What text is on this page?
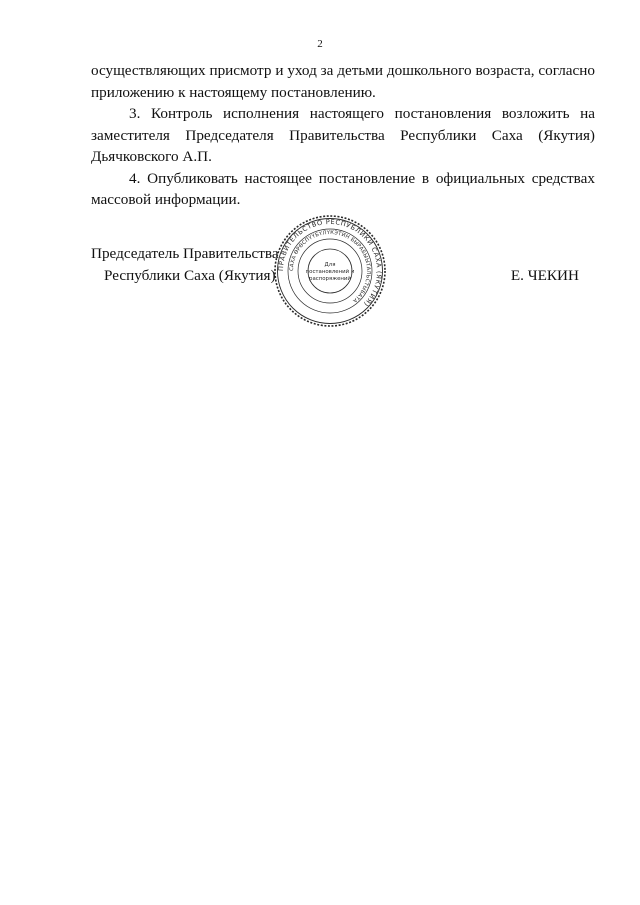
2

осуществляющих присмотр и уход за детьми дошкольного возраста, согласно приложению к настоящему постановлению.

3. Контроль исполнения настоящего постановления возложить на заместителя Председателя Правительства Республики Саха (Якутия) Дьячковского А.П.

4. Опубликовать настоящее постановление в официальных средствах массовой информации.

Председатель Правительства
Республики Саха (Якутия)	Е. ЧЕКИН
ПРАВИТЕЛЬСТВО РЕСПУБЛИКИ САХА (ЯКУТИЯ)
САХА ӨРӨСПҮҮБҮЛҮКЭТИН БЫРАБЫЫТАЛЬСТЫБАТА
Для
постановлений и
распоряжений
